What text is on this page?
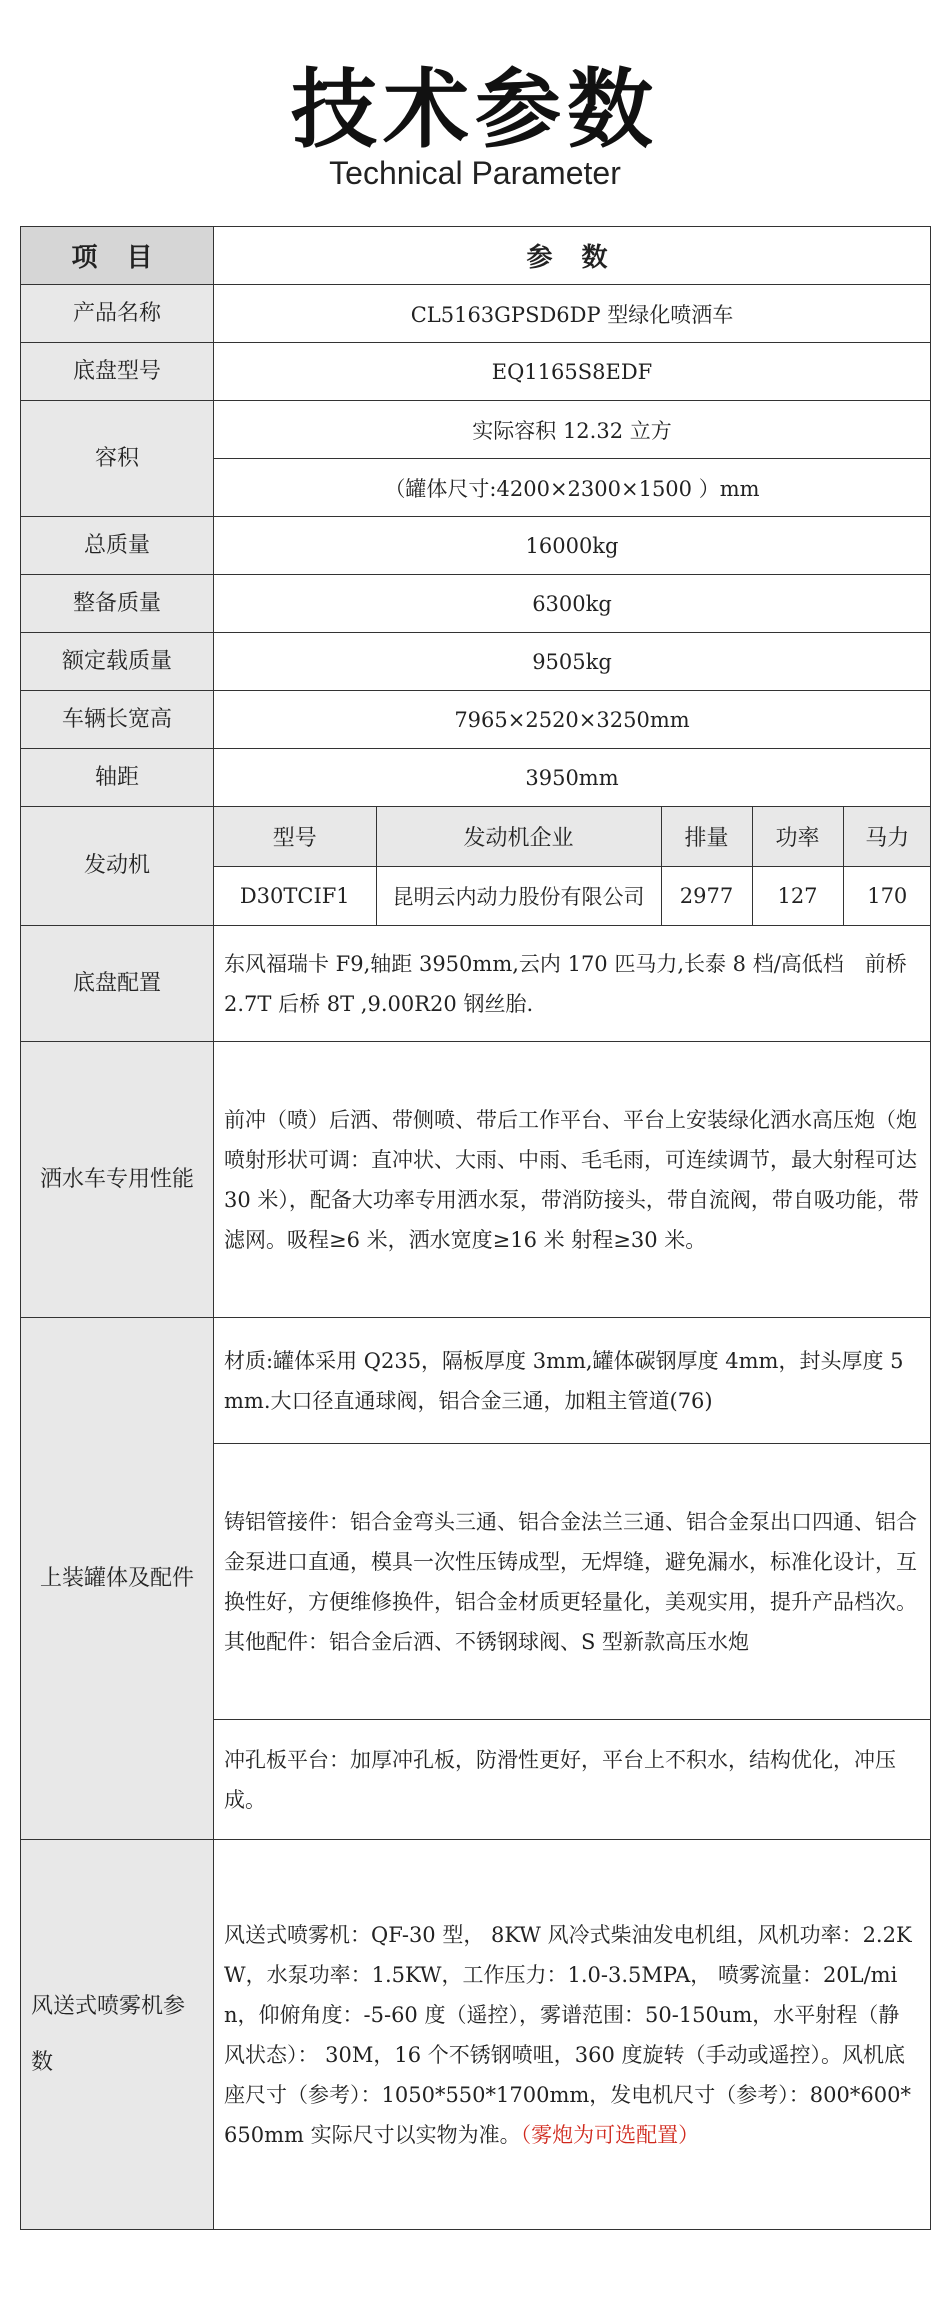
技术参数
Technical Parameter
项 目	参 数
产品名称	CL5163GPSD6DP 型绿化喷洒车
底盘型号	EQ1165S8EDF
容积	实际容积 12.32 立方
（罐体尺寸:4200×2300×1500 ）mm
总质量	16000kg
整备质量	6300kg
额定载质量	9505kg
车辆长宽高	7965×2520×3250mm
轴距	3950mm
发动机	
型号	发动机企业	排量	功率	马力
D30TCIF1	昆明云内动力股份有限公司	2977	127	170

底盘配置	东风福瑞卡 F9,轴距 3950mm,云内 170 匹马力,长泰 8 档/高低档　前桥 2.7T 后桥 8T ,9.00R20 钢丝胎.
洒水车专用性能	前冲（喷）后洒、带侧喷、带后工作平台、平台上安装绿化洒水高压炮（炮喷射形状可调：直冲状、大雨、中雨、毛毛雨，可连续调节，最大射程可达 30 米），配备大功率专用洒水泵，带消防接头，带自流阀，带自吸功能，带滤网。吸程≥6 米，洒水宽度≥16 米 射程≥30 米。
上装罐体及配件	材质:罐体采用 Q235，隔板厚度 3mm,罐体碳钢厚度 4mm，封头厚度 5mm.大口径直通球阀，铝合金三通，加粗主管道(76)
铸铝管接件：铝合金弯头三通、铝合金法兰三通、铝合金泵出口四通、铝合金泵进口直通，模具一次性压铸成型，无焊缝，避免漏水，标准化设计，互换性好，方便维修换件，铝合金材质更轻量化，美观实用，提升产品档次。其他配件：铝合金后洒、不锈钢球阀、S 型新款高压水炮
冲孔板平台：加厚冲孔板，防滑性更好，平台上不积水，结构优化，冲压成。
风送式喷雾机参数	风送式喷雾机：QF-30 型， 8KW 风冷式柴油发电机组，风机功率：2.2KW，水泵功率：1.5KW，工作压力：1.0-3.5MPA， 喷雾流量：20L/min，仰俯角度：-5-60 度（遥控），雾谱范围：50-150um，水平射程（静风状态）： 30M，16 个不锈钢喷咀，360 度旋转（手动或遥控）。风机底座尺寸（参考）：1050*550*1700mm，发电机尺寸（参考）：800*600*650mm 实际尺寸以实物为准。（雾炮为可选配置）
